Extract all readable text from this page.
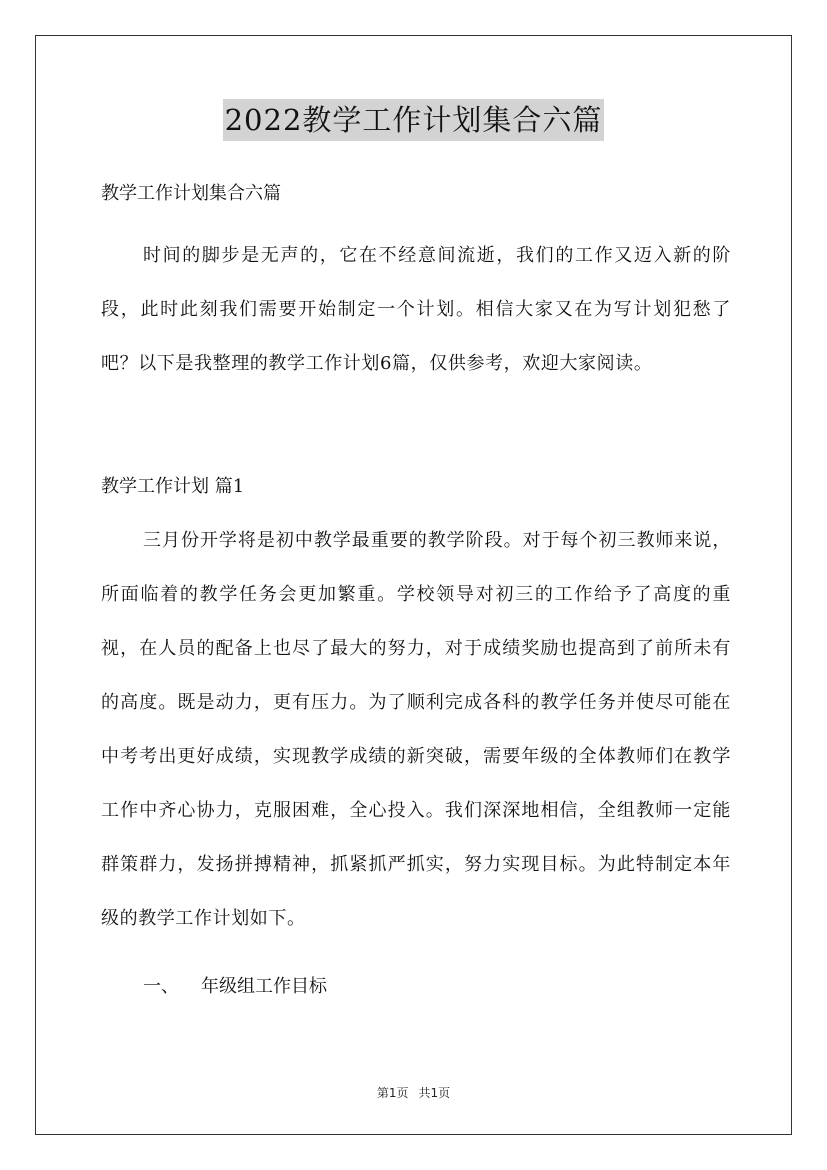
2022教学工作计划集合六篇

教学工作计划集合六篇

时间的脚步是无声的，它在不经意间流逝，我们的工作又迈入新的阶段，此时此刻我们需要开始制定一个计划。相信大家又在为写计划犯愁了吧？以下是我整理的教学工作计划6篇，仅供参考，欢迎大家阅读。

教学工作计划 篇1

三月份开学将是初中教学最重要的教学阶段。对于每个初三教师来说，所面临着的教学任务会更加繁重。学校领导对初三的工作给予了高度的重视，在人员的配备上也尽了最大的努力，对于成绩奖励也提高到了前所未有的高度。既是动力，更有压力。为了顺利完成各科的教学任务并使尽可能在中考考出更好成绩，实现教学成绩的新突破，需要年级的全体教师们在教学工作中齐心协力，克服困难，全心投入。我们深深地相信，全组教师一定能群策群力，发扬拼搏精神，抓紧抓严抓实，努力实现目标。为此特制定本年级的教学工作计划如下。

一、 年级组工作目标

第1页 共1页
